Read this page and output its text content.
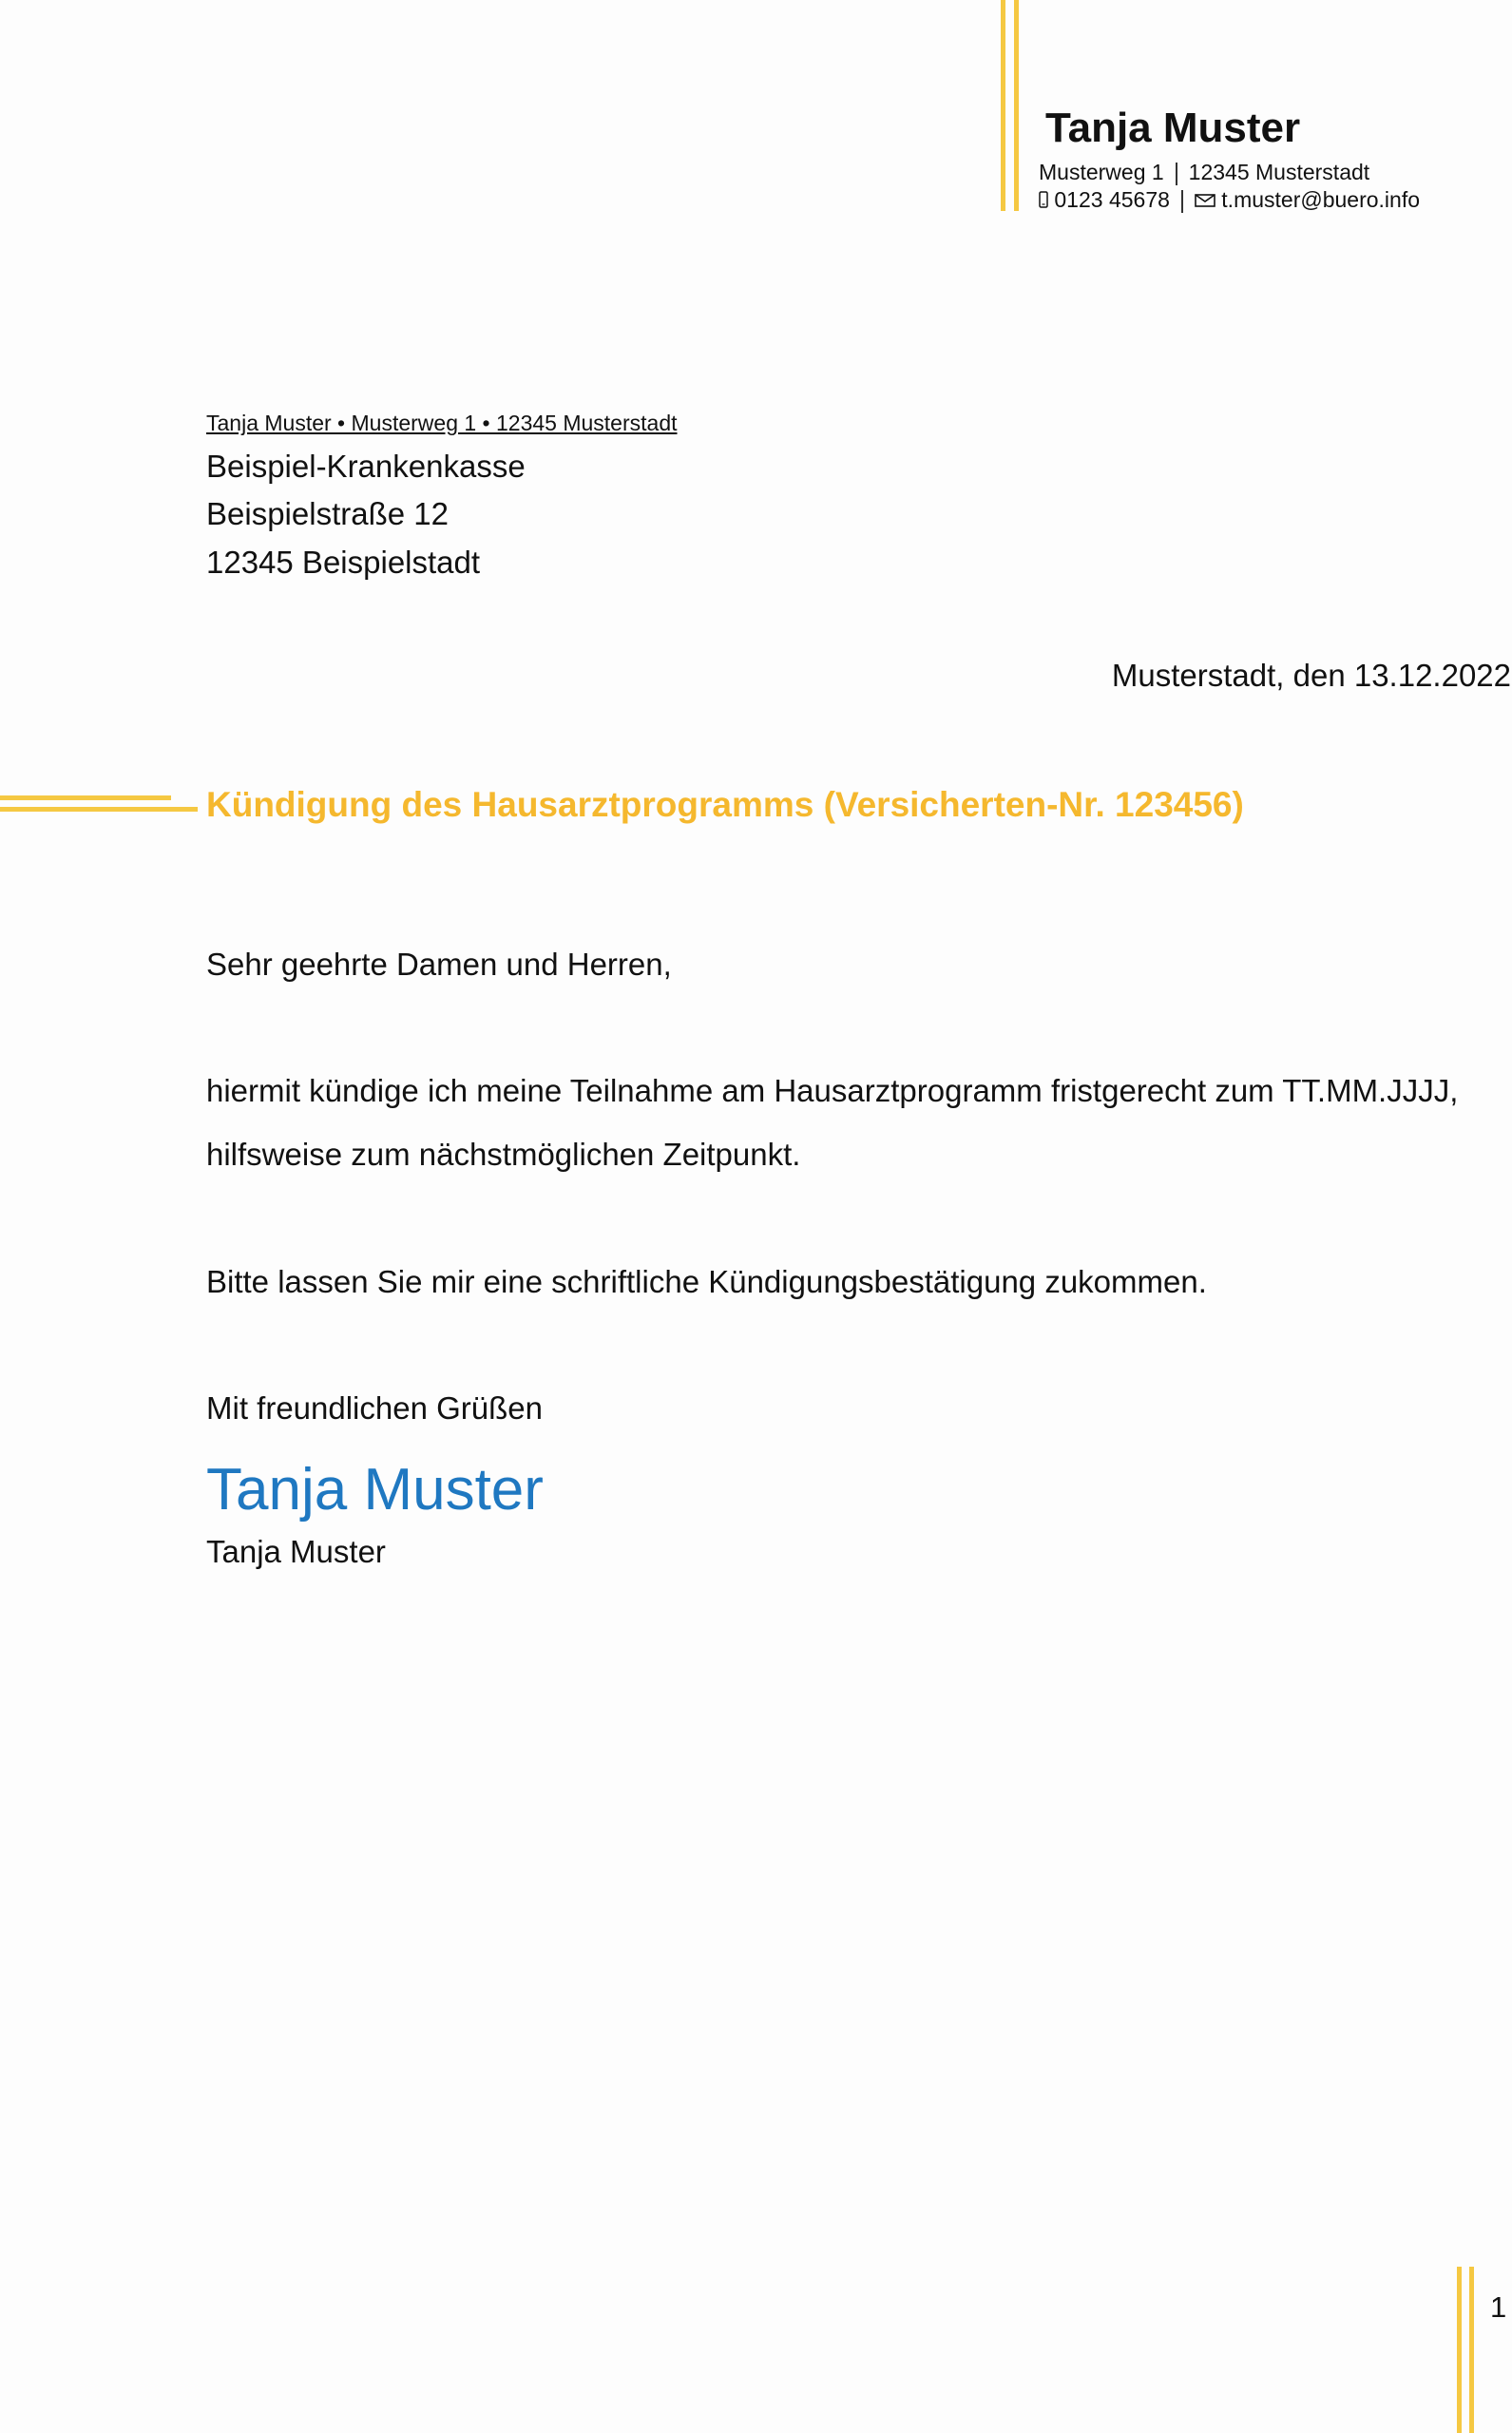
Tanja Muster
Musterweg 1 12345 Musterstadt
0123 45678 t.muster@buero.info
Tanja Muster • Musterweg 1 • 12345 Musterstadt
Beispiel-Krankenkasse
Beispielstraße 12
12345 Beispielstadt
Musterstadt, den 13.12.2022
Kündigung des Hausarztprogramms (Versicherten-Nr. 123456)
Sehr geehrte Damen und Herren,
hiermit kündige ich meine Teilnahme am Hausarztprogramm fristgerecht zum TT.MM.JJJJ,
hilfsweise zum nächstmöglichen Zeitpunkt.
Bitte lassen Sie mir eine schriftliche Kündigungsbestätigung zukommen.
Mit freundlichen Grüßen
Tanja Muster
Tanja Muster
1
